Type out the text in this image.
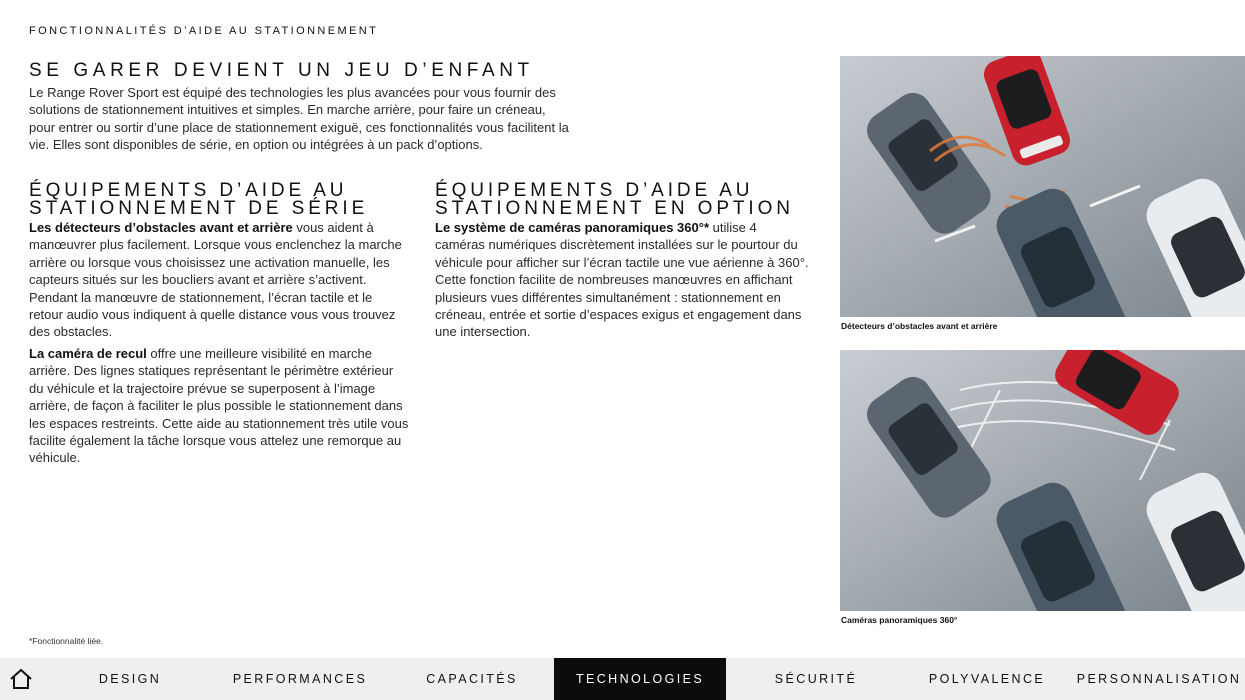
FONCTIONNALITÉS D’AIDE AU STATIONNEMENT
SE GARER DEVIENT UN JEU D’ENFANT

Le Range Rover Sport est équipé des technologies les plus avancées pour vous fournir des solutions de stationnement intuitives et simples. En marche arrière, pour faire un créneau, pour entrer ou sortir d’une place de stationnement exiguë, ces fonctionnalités vous facilitent la vie. Elles sont disponibles de série, en option ou intégrées à un pack d’options.

ÉQUIPEMENTS D’AIDE AU STATIONNEMENT DE SÉRIE

Les détecteurs d’obstacles avant et arrière vous aident à manœuvrer plus facilement. Lorsque vous enclenchez la marche arrière ou lorsque vous choisissez une activation manuelle, les capteurs situés sur les boucliers avant et arrière s’activent. Pendant la manœuvre de stationnement, l’écran tactile et le retour audio vous indiquent à quelle distance vous vous trouvez des obstacles.

La caméra de recul offre une meilleure visibilité en marche arrière. Des lignes statiques représentant le périmètre extérieur du véhicule et la trajectoire prévue se superposent à l’image arrière, de façon à faciliter le plus possible le stationnement dans les espaces restreints. Cette aide au stationnement très utile vous facilite également la tâche lorsque vous attelez une remorque au véhicule.

ÉQUIPEMENTS D’AIDE AU STATIONNEMENT EN OPTION

Le système de caméras panoramiques 360°* utilise 4 caméras numériques discrètement installées sur le pourtour du véhicule pour afficher sur l’écran tactile une vue aérienne à 360°. Cette fonction facilite de nombreuses manœuvres en affichant plusieurs vues différentes simultanément : stationnement en créneau, entrée et sortie d’espaces exigus et engagement dans une intersection.	Détecteurs d’obstacles avant et arrière
Caméras panoramiques 360°
*Fonctionnalité liée.
DESIGN	PERFORMANCES	CAPACITÉS	TECHNOLOGIES	SÉCURITÉ	POLYVALENCE	PERSONNALISATION
